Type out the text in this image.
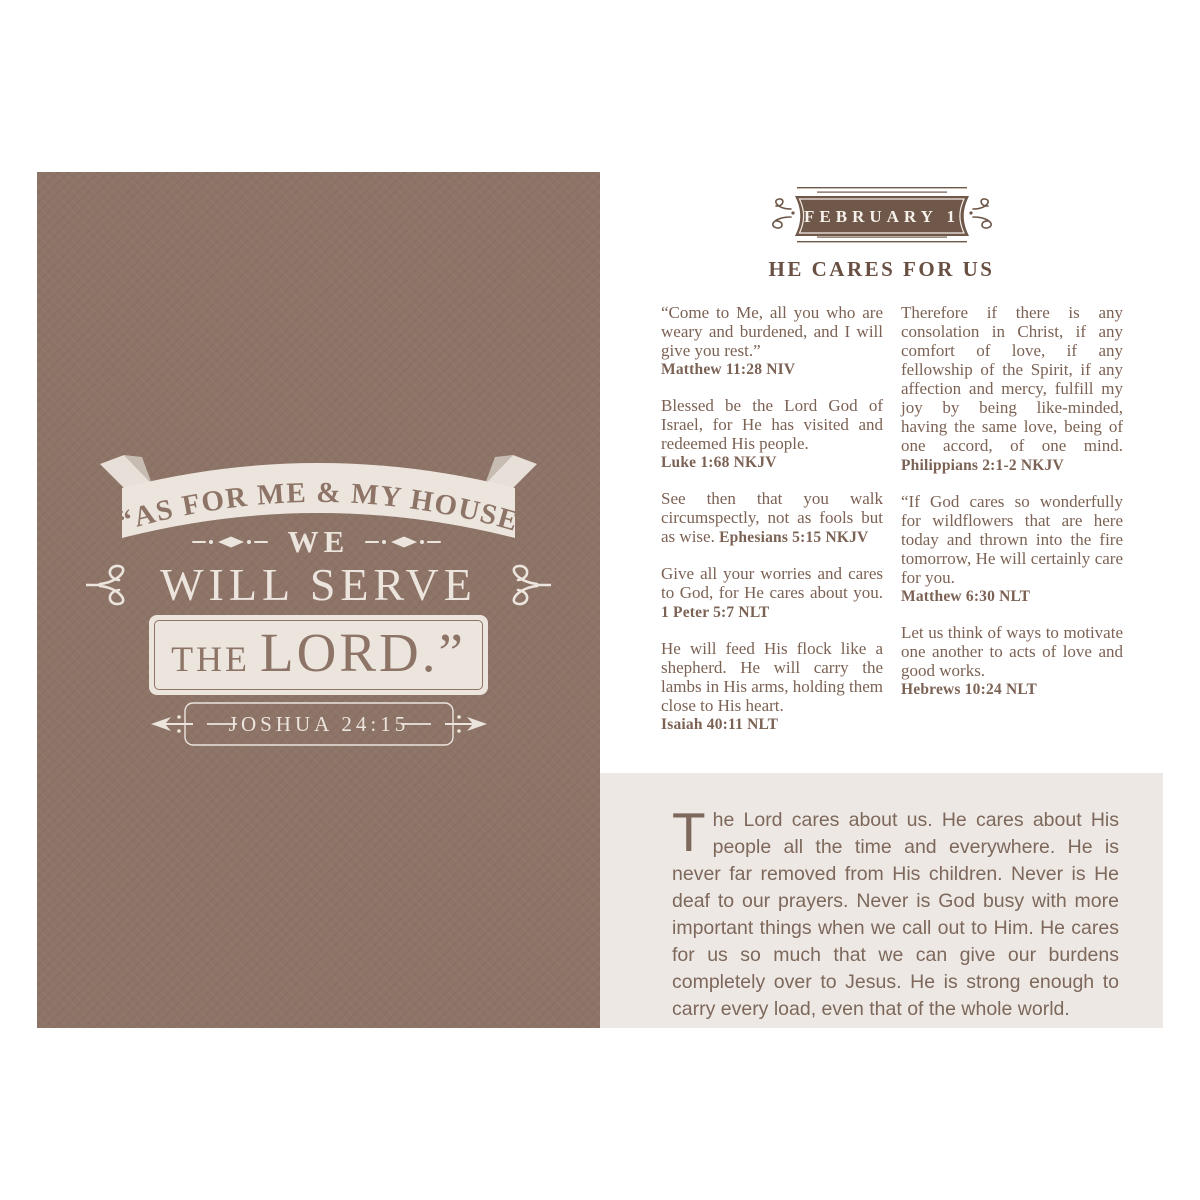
“AS FOR ME & MY HOUSE
WE
WILL SERVE
THE LORD.”
JOSHUA 24:15
FEBRUARY 1
HE CARES FOR US

“Come to Me, all you who are weary and burdened, and I will give you rest.”
Matthew 11:28 NIV

Blessed be the Lord God of Israel, for He has visited and redeemed His people.
Luke 1:68 NKJV

See then that you walk circumspectly, not as fools but as wise. Ephesians 5:15 NKJV

Give all your worries and cares to God, for He cares about you. 1 Peter 5:7 NLT

He will feed His flock like a shepherd. He will carry the lambs in His arms, holding them close to His heart.
Isaiah 40:11 NLT

Therefore if there is any consolation in Christ, if any comfort of love, if any fellowship of the Spirit, if any affection and mercy, fulfill my joy by being like-minded, having the same love, being of one accord, of one mind. Philippians 2:1-2 NKJV

“If God cares so wonderfully for wildflowers that are here today and thrown into the fire tomorrow, He will certainly care for you.
Matthew 6:30 NLT

Let us think of ways to motivate one another to acts of love and good works.
Hebrews 10:24 NLT

The Lord cares about us. He cares about His people all the time and everywhere. He is never far removed from His children. Never is He deaf to our prayers. Never is God busy with more important things when we call out to Him. He cares for us so much that we can give our burdens completely over to Jesus. He is strong enough to carry every load, even that of the whole world.
